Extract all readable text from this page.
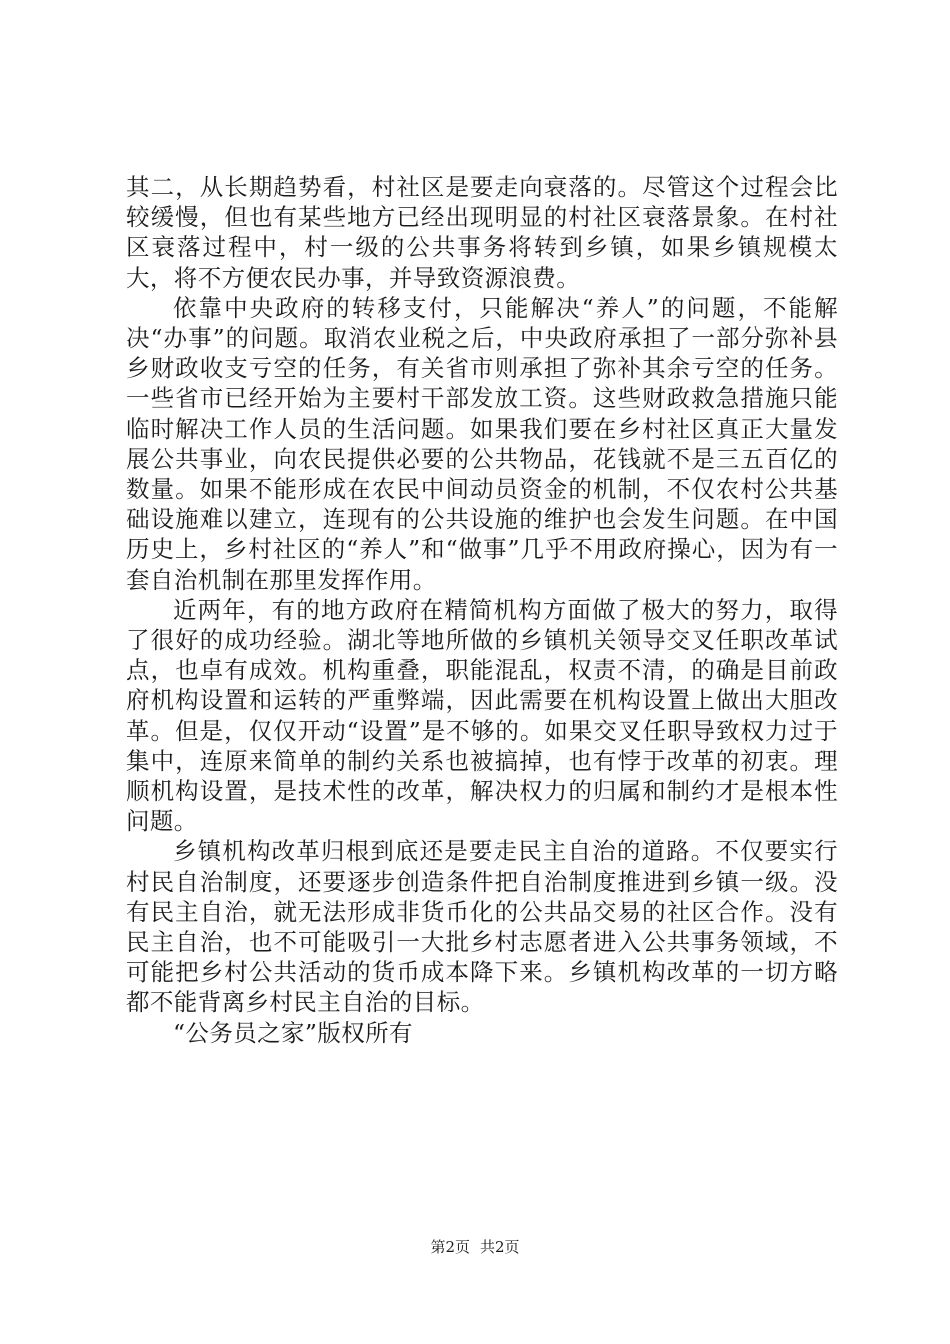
其二，从长期趋势看，村社区是要走向衰落的。尽管这个过程会比较缓慢，但也有某些地方已经出现明显的村社区衰落景象。在村社区衰落过程中，村一级的公共事务将转到乡镇，如果乡镇规模太大，将不方便农民办事，并导致资源浪费。

依靠中央政府的转移支付，只能解决“养人”的问题，不能解决“办事”的问题。取消农业税之后，中央政府承担了一部分弥补县乡财政收支亏空的任务，有关省市则承担了弥补其余亏空的任务。一些省市已经开始为主要村干部发放工资。这些财政救急措施只能临时解决工作人员的生活问题。如果我们要在乡村社区真正大量发展公共事业，向农民提供必要的公共物品，花钱就不是三五百亿的数量。如果不能形成在农民中间动员资金的机制，不仅农村公共基础设施难以建立，连现有的公共设施的维护也会发生问题。在中国历史上，乡村社区的“养人”和“做事”几乎不用政府操心，因为有一套自治机制在那里发挥作用。

近两年，有的地方政府在精简机构方面做了极大的努力，取得了很好的成功经验。湖北等地所做的乡镇机关领导交叉任职改革试点，也卓有成效。机构重叠，职能混乱，权责不清，的确是目前政府机构设置和运转的严重弊端，因此需要在机构设置上做出大胆改革。但是，仅仅开动“设置”是不够的。如果交叉任职导致权力过于集中，连原来简单的制约关系也被搞掉，也有悖于改革的初衷。理顺机构设置，是技术性的改革，解决权力的归属和制约才是根本性问题。

乡镇机构改革归根到底还是要走民主自治的道路。不仅要实行村民自治制度，还要逐步创造条件把自治制度推进到乡镇一级。没有民主自治，就无法形成非货币化的公共品交易的社区合作。没有民主自治，也不可能吸引一大批乡村志愿者进入公共事务领域，不可能把乡村公共活动的货币成本降下来。乡镇机构改革的一切方略都不能背离乡村民主自治的目标。

“公务员之家”版权所有

第2页 共2页
